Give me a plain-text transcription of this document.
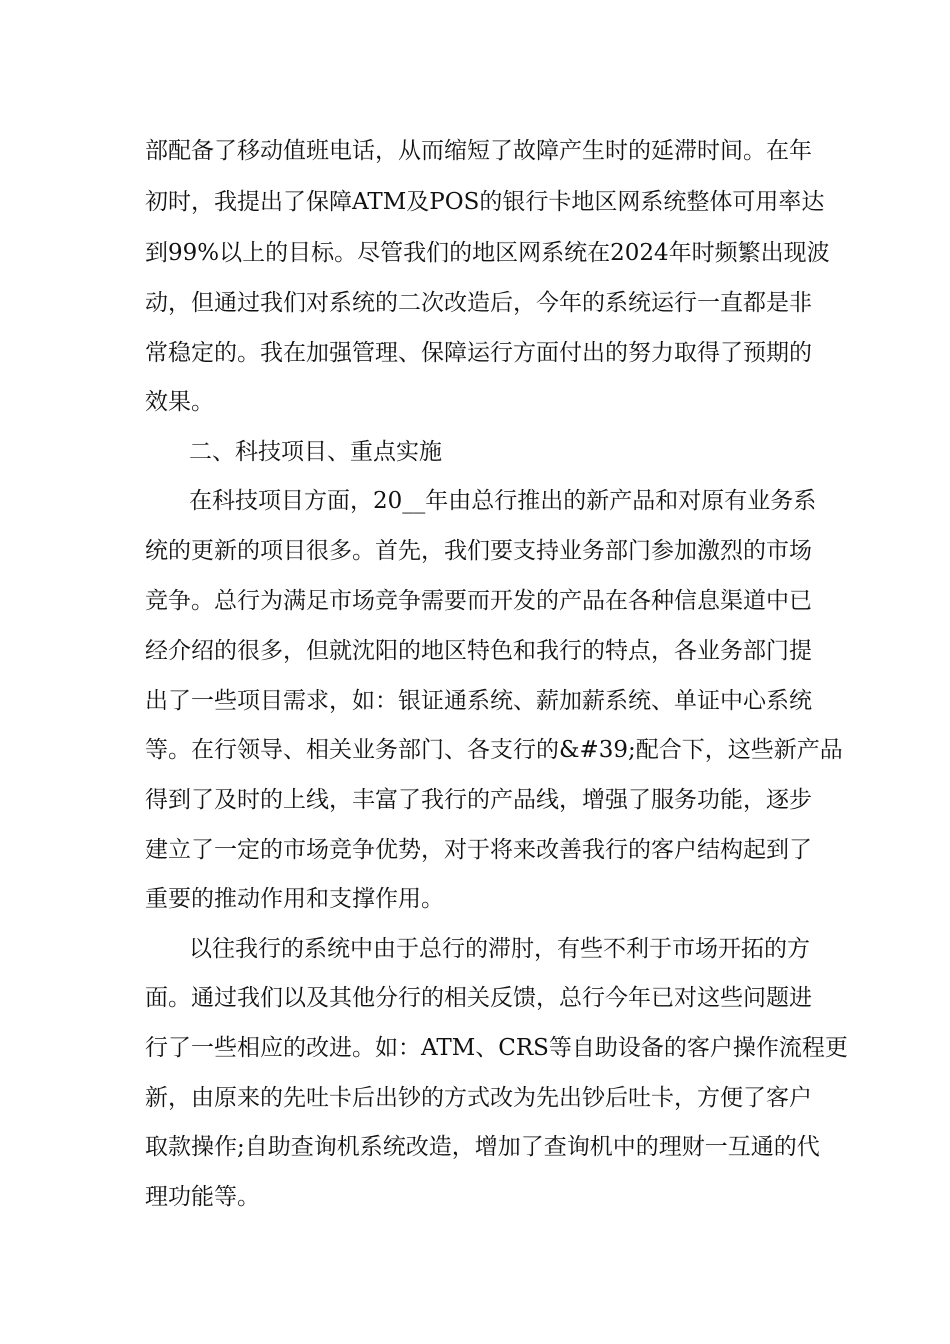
部配备了移动值班电话，从而缩短了故障产生时的延滞时间。在年
初时，我提出了保障ATM及POS的银行卡地区网系统整体可用率达
到99%以上的目标。尽管我们的地区网系统在2024年时频繁出现波
动，但通过我们对系统的二次改造后，今年的系统运行一直都是非
常稳定的。我在加强管理、保障运行方面付出的努力取得了预期的
效果。
二、科技项目、重点实施
在科技项目方面，20__年由总行推出的新产品和对原有业务系
统的更新的项目很多。首先，我们要支持业务部门参加激烈的市场
竞争。总行为满足市场竞争需要而开发的产品在各种信息渠道中已
经介绍的很多，但就沈阳的地区特色和我行的特点，各业务部门提
出了一些项目需求，如：银证通系统、薪加薪系统、单证中心系统
等。在行领导、相关业务部门、各支行的&#39;配合下，这些新产品
得到了及时的上线，丰富了我行的产品线，增强了服务功能，逐步
建立了一定的市场竞争优势，对于将来改善我行的客户结构起到了
重要的推动作用和支撑作用。
以往我行的系统中由于总行的滞肘，有些不利于市场开拓的方
面。通过我们以及其他分行的相关反馈，总行今年已对这些问题进
行了一些相应的改进。如：ATM、CRS等自助设备的客户操作流程更
新，由原来的先吐卡后出钞的方式改为先出钞后吐卡，方便了客户
取款操作;自助查询机系统改造，增加了查询机中的理财一互通的代
理功能等。
